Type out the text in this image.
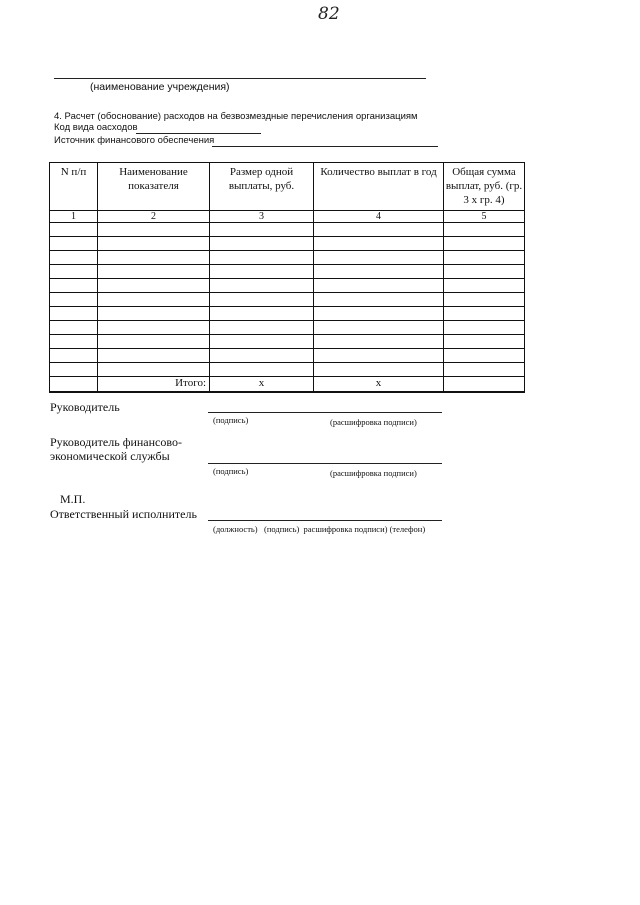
82
(наименование учреждения)
4. Расчет (обоснование) расходов на безвозмездные перечисления организациям
Код вида оасходов
Источник финансового обеспечения
N п/п	Наименование показателя	Размер одной выплаты, руб.	Количество выплат в год	Общая сумма выплат, руб. (гр. 3 х гр. 4)
1	2	3	4	5

	Итого:	х	х	
Руководитель
(подпись)	(расшифровка подписи)
Руководитель финансово-
экономической службы
(подпись)	(расшифровка подписи)
М.П.
Ответственный исполнитель
(должность)   (подпись)  расшифровка подписи) (телефон)
